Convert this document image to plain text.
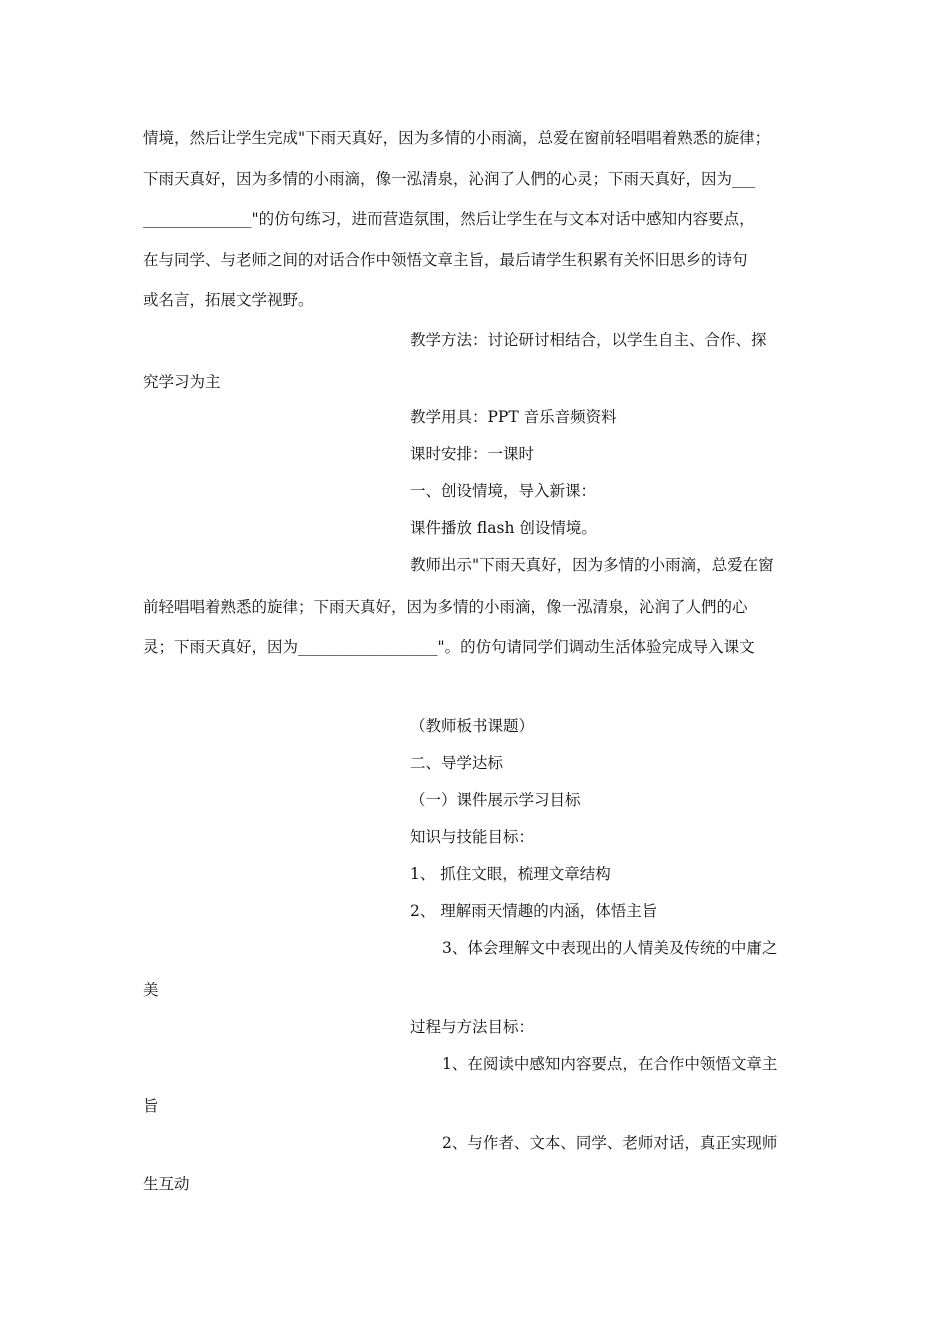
情境，然后让学生完成"下雨天真好，因为多情的小雨滴，总爱在窗前轻唱唱着熟悉的旋律；
下雨天真好，因为多情的小雨滴，像一泓清泉，沁润了人們的心灵；下雨天真好，因为___
______________"的仿句练习，进而营造氛围，然后让学生在与文本对话中感知内容要点，
在与同学、与老师之间的对话合作中领悟文章主旨，最后请学生积累有关怀旧思乡的诗句
或名言，拓展文学视野。
教学方法：讨论研讨相结合，以学生自主、合作、探
究学习为主
教学用具：PPT 音乐音频资料
课时安排：一课时
一、创设情境，导入新课：
课件播放 flash 创设情境。
教师出示"下雨天真好，因为多情的小雨滴，总爱在窗
前轻唱唱着熟悉的旋律；下雨天真好，因为多情的小雨滴，像一泓清泉，沁润了人們的心
灵；下雨天真好，因为__________________"。的仿句请同学们调动生活体验完成导入课文
（教师板书课题）
二、导学达标
（一）课件展示学习目标
知识与技能目标：
1、 抓住文眼，梳理文章结构
2、 理解雨天情趣的内涵，体悟主旨
3、体会理解文中表现出的人情美及传统的中庸之
美
过程与方法目标：
1、在阅读中感知内容要点，在合作中领悟文章主
旨
2、与作者、文本、同学、老师对话，真正实现师
生互动
